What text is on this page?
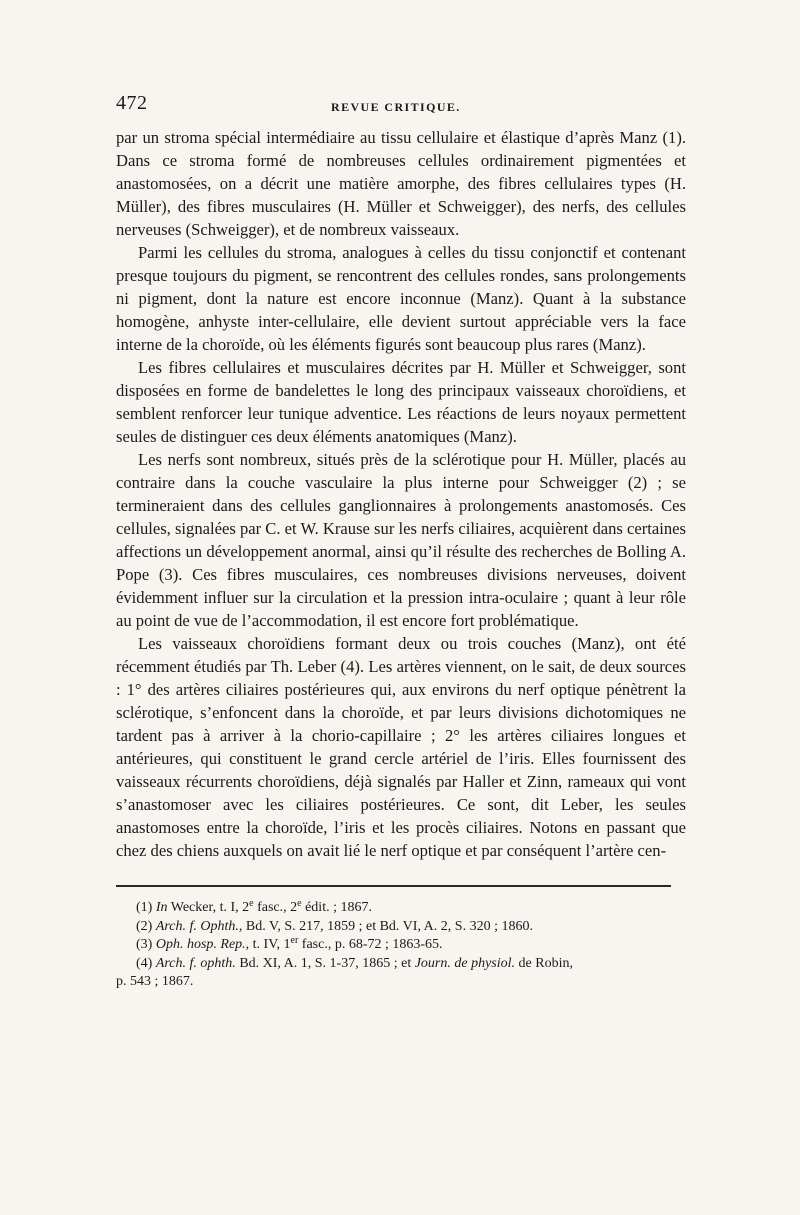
472	REVUE CRITIQUE.

par un stroma spécial intermédiaire au tissu cellulaire et élastique d’après Manz (1). Dans ce stroma formé de nombreuses cellules ordinairement pigmentées et anastomosées, on a décrit une matière amorphe, des fibres cellulaires types (H. Müller), des fibres musculaires (H. Müller et Schweigger), des nerfs, des cellules nerveuses (Schweigger), et de nombreux vaisseaux.

Parmi les cellules du stroma, analogues à celles du tissu conjonctif et contenant presque toujours du pigment, se rencontrent des cellules rondes, sans prolongements ni pigment, dont la nature est encore inconnue (Manz). Quant à la substance homogène, anhyste inter-cellulaire, elle devient surtout appréciable vers la face interne de la choroïde, où les éléments figurés sont beaucoup plus rares (Manz).

Les fibres cellulaires et musculaires décrites par H. Müller et Schweigger, sont disposées en forme de bandelettes le long des principaux vaisseaux choroïdiens, et semblent renforcer leur tunique adventice. Les réactions de leurs noyaux permettent seules de distinguer ces deux éléments anatomiques (Manz).

Les nerfs sont nombreux, situés près de la sclérotique pour H. Müller, placés au contraire dans la couche vasculaire la plus interne pour Schweigger (2) ; se termineraient dans des cellules ganglionnaires à prolongements anastomosés. Ces cellules, signalées par C. et W. Krause sur les nerfs ciliaires, acquièrent dans certaines affections un développement anormal, ainsi qu’il résulte des recherches de Bolling A. Pope (3). Ces fibres musculaires, ces nombreuses divisions nerveuses, doivent évidemment influer sur la circulation et la pression intra-oculaire ; quant à leur rôle au point de vue de l’accommodation, il est encore fort problématique.

Les vaisseaux choroïdiens formant deux ou trois couches (Manz), ont été récemment étudiés par Th. Leber (4). Les artères viennent, on le sait, de deux sources : 1° des artères ciliaires postérieures qui, aux environs du nerf optique pénètrent la sclérotique, s’enfoncent dans la choroïde, et par leurs divisions dichotomiques ne tardent pas à arriver à la chorio-capillaire ; 2° les artères ciliaires longues et antérieures, qui constituent le grand cercle artériel de l’iris. Elles fournissent des vaisseaux récurrents choroïdiens, déjà signalés par Haller et Zinn, rameaux qui vont s’anastomoser avec les ciliaires postérieures. Ce sont, dit Leber, les seules anastomoses entre la choroïde, l’iris et les procès ciliaires. Notons en passant que chez des chiens auxquels on avait lié le nerf optique et par conséquent l’artère cen-

(1) In Wecker, t. I, 2e fasc., 2e édit. ; 1867.

(2) Arch. f. Ophth., Bd. V, S. 217, 1859 ; et Bd. VI, A. 2, S. 320 ; 1860.

(3) Oph. hosp. Rep., t. IV, 1er fasc., p. 68-72 ; 1863-65.

(4) Arch. f. ophth. Bd. XI, A. 1, S. 1-37, 1865 ; et Journ. de physiol. de Robin,

p. 543 ; 1867.
